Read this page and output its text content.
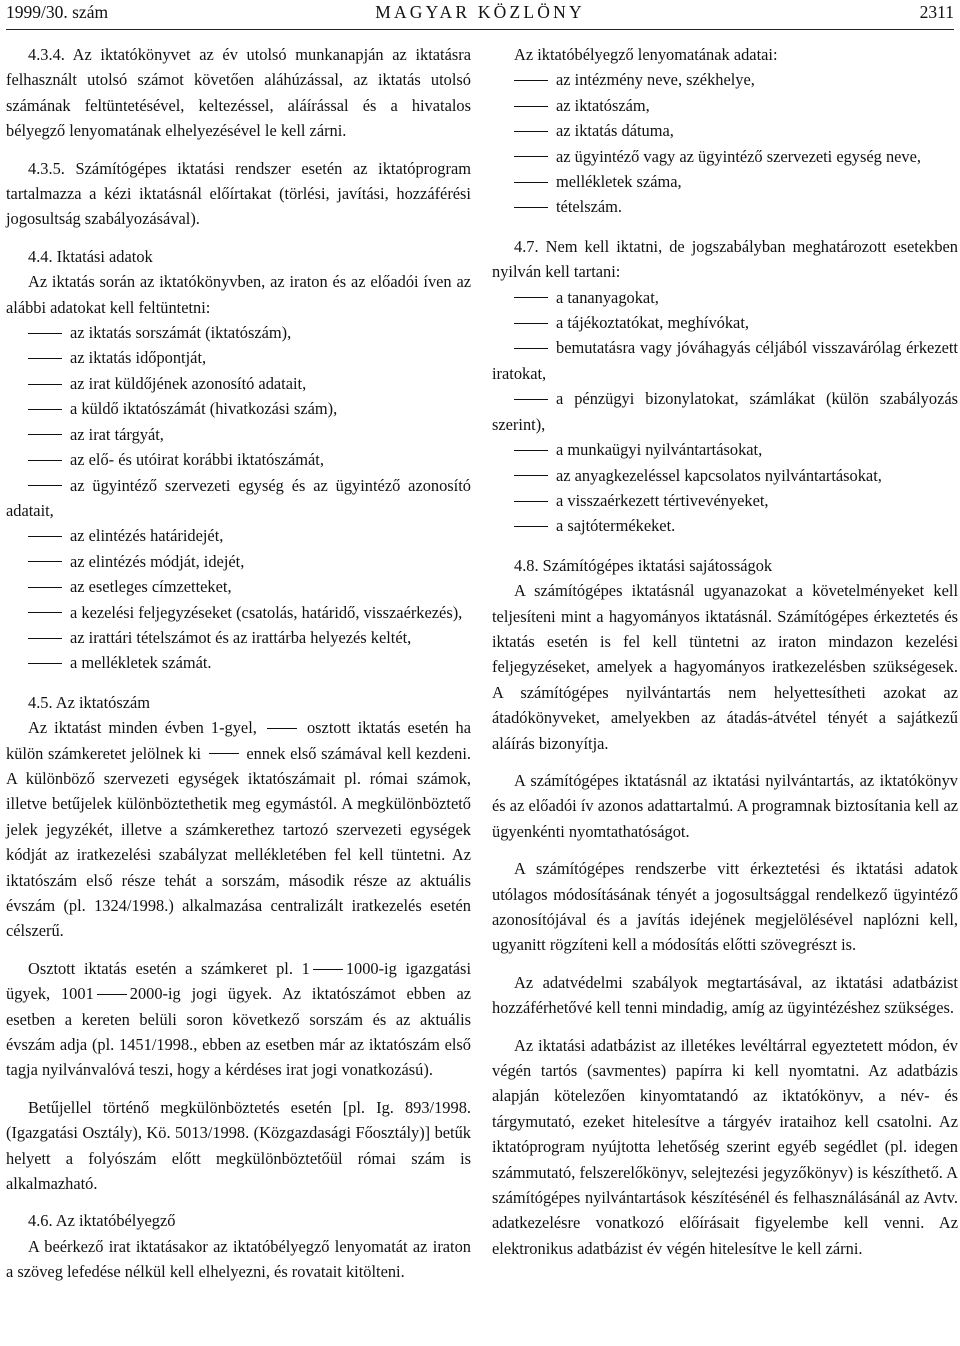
1999/30. szám	MAGYAR KÖZLÖNY	2311

4.3.4. Az iktatókönyvet az év utolsó munkanapján az iktatásra felhasznált utolsó számot követően aláhúzással, az iktatás utolsó számának feltüntetésével, keltezéssel, aláírással és a hivatalos bélyegző lenyomatának elhelyezésével le kell zárni.

4.3.5. Számítógépes iktatási rendszer esetén az iktatóprogram tartalmazza a kézi iktatásnál előírtakat (törlési, javítási, hozzáférési jogosultság szabályozásával).

4.4. Iktatási adatok

Az iktatás során az iktatókönyvben, az iraton és az előadói íven az alábbi adatokat kell feltüntetni:

az iktatás sorszámát (iktatószám),

az iktatás időpontját,

az irat küldőjének azonosító adatait,

a küldő iktatószámát (hivatkozási szám),

az irat tárgyát,

az elő- és utóirat korábbi iktatószámát,

az ügyintéző szervezeti egység és az ügyintéző azonosító adatait,

az elintézés határidejét,

az elintézés módját, idejét,

az esetleges címzetteket,

a kezelési feljegyzéseket (csatolás, határidő, visszaérkezés),

az irattári tételszámot és az irattárba helyezés keltét,

a mellékletek számát.

4.5. Az iktatószám

Az iktatást minden évben 1-gyel,	osztott iktatás esetén ha külön számkeretet jelölnek ki	ennek első számával kell kezdeni. A különböző szervezeti egységek iktatószámait pl. római számok, illetve betűjelek különböztethetik meg egymástól. A megkülönböztető jelek jegyzékét, illetve a számkerethez tartozó szervezeti egységek kódját az iratkezelési szabályzat mellékletében fel kell tüntetni. Az iktatószám első része tehát a sorszám, második része az aktuális évszám (pl. 1324/1998.) alkalmazása centralizált iratkezelés esetén célszerű.

Osztott iktatás esetén a számkeret pl. 1 1000-ig igazgatási ügyek, 1001 2000-ig jogi ügyek. Az iktatószámot ebben az esetben a kereten belüli soron következő sorszám és az aktuális évszám adja (pl. 1451/1998., ebben az esetben már az iktatószám első tagja nyilvánvalóvá teszi, hogy a kérdéses irat jogi vonatkozású).

Betűjellel történő megkülönböztetés esetén [pl. Ig. 893/1998. (Igazgatási Osztály), Kö. 5013/1998. (Közgazdasági Főosztály)] betűk helyett a folyószám előtt megkülönböztetőül római szám is alkalmazható.

4.6. Az iktatóbélyegző

A beérkező irat iktatásakor az iktatóbélyegző lenyomatát az iraton a szöveg lefedése nélkül kell elhelyezni, és rovatait kitölteni.

Az iktatóbélyegző lenyomatának adatai:

az intézmény neve, székhelye,

az iktatószám,

az iktatás dátuma,

az ügyintéző vagy az ügyintéző szervezeti egység neve,

mellékletek száma,

tételszám.

4.7. Nem kell iktatni, de jogszabályban meghatározott esetekben nyilván kell tartani:

a tananyagokat,

a tájékoztatókat, meghívókat,

bemutatásra vagy jóváhagyás céljából visszavárólag érkezett iratokat,

a pénzügyi bizonylatokat, számlákat (külön szabályozás szerint),

a munkaügyi nyilvántartásokat,

az anyagkezeléssel kapcsolatos nyilvántartásokat,

a visszaérkezett tértivevényeket,

a sajtótermékeket.

4.8. Számítógépes iktatási sajátosságok

A számítógépes iktatásnál ugyanazokat a követelményeket kell teljesíteni mint a hagyományos iktatásnál. Számítógépes érkeztetés és iktatás esetén is fel kell tüntetni az iraton mindazon kezelési feljegyzéseket, amelyek a hagyományos iratkezelésben szükségesek. A számítógépes nyilvántartás nem helyettesítheti azokat az átadókönyveket, amelyekben az átadás-átvétel tényét a sajátkezű aláírás bizonyítja.

A számítógépes iktatásnál az iktatási nyilvántartás, az iktatókönyv és az előadói ív azonos adattartalmú. A programnak biztosítania kell az ügyenkénti nyomtathatóságot.

A számítógépes rendszerbe vitt érkeztetési és iktatási adatok utólagos módosításának tényét a jogosultsággal rendelkező ügyintéző azonosítójával és a javítás idejének megjelölésével naplózni kell, ugyanitt rögzíteni kell a módosítás előtti szövegrészt is.

Az adatvédelmi szabályok megtartásával, az iktatási adatbázist hozzáférhetővé kell tenni mindadig, amíg az ügyintézéshez szükséges.

Az iktatási adatbázist az illetékes levéltárral egyeztetett módon, év végén tartós (savmentes) papírra ki kell nyomtatni. Az adatbázis alapján kötelezően kinyomtatandó az iktatókönyv, a név- és tárgymutató, ezeket hitelesítve a tárgyév irataihoz kell csatolni. Az iktatóprogram nyújtotta lehetőség szerint egyéb segédlet (pl. idegen számmutató, felszerelőkönyv, selejtezési jegyzőkönyv) is készíthető. A számítógépes nyilvántartások készítésénél és felhasználásánál az Avtv. adatkezelésre vonatkozó előírásait figyelembe kell venni. Az elektronikus adatbázist év végén hitelesítve le kell zárni.
